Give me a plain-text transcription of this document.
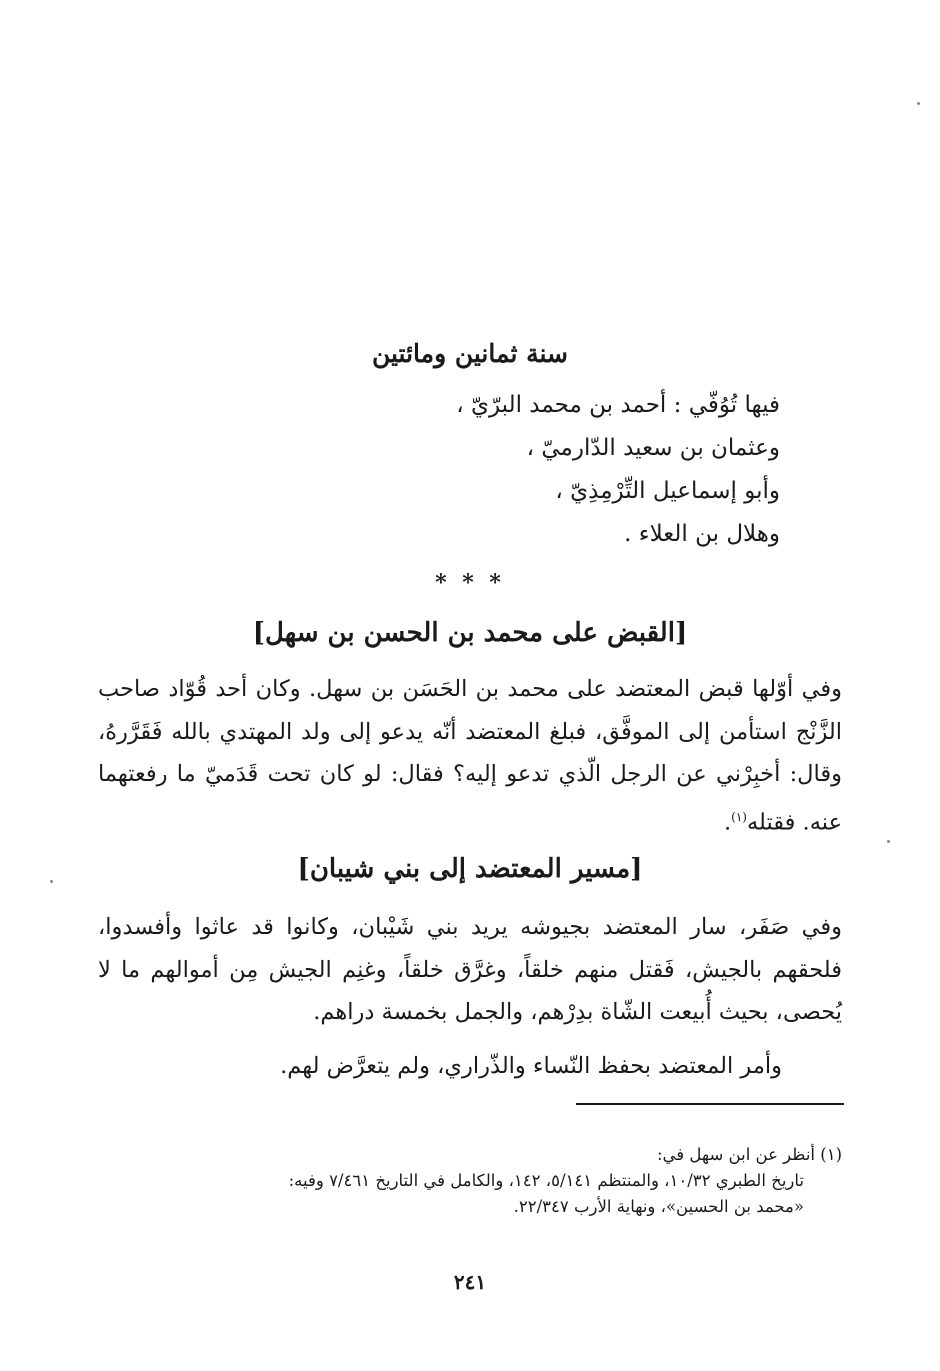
سنة ثمانين ومائتين
فيها تُوُفّي : أحمد بن محمد البرّيّ ،
وعثمان بن سعيد الدّارميّ ،
وأبو إسماعيل التِّرْمِذِيّ ،
وهلال بن العلاء .
* * *
[القبض على محمد بن الحسن بن سهل]
وفي أوّلها قبض المعتضد على محمد بن الحَسَن بن سهل. وكان أحد قُوّاد صاحب الزَّنْج استأمن إلى الموفَّق، فبلغ المعتضد أنّه يدعو إلى ولد المهتدي بالله فَقَرَّرهُ، وقال: أخبِرْني عن الرجل الّذي تدعو إليه؟ فقال: لو كان تحت قَدَميّ ما رفعتهما عنه. فقتله$^{(١)}$.
[مسير المعتضد إلى بني شيبان]
وفي صَفَر، سار المعتضد بجيوشه يريد بني شَيْبان، وكانوا قد عاثوا وأفسدوا، فلحقهم بالجيش، فَقتل منهم خلقاً، وغرَّق خلقاً، وغنِم الجيش مِن أموالهم ما لا يُحصى، بحيث أُبيعت الشّاة بدِرْهم، والجمل بخمسة دراهم.
وأمر المعتضد بحفظ النّساء والذّراري، ولم يتعرَّض لهم.
(١) أنظر عن ابن سهل في:
تاريخ الطبري ١٠/٣٢، والمنتظم ٥/١٤١، ١٤٢، والكامل في التاريخ ٧/٤٦١ وفيه:
«محمد بن الحسين»، ونهاية الأرب ٢٢/٣٤٧.
٢٤١
